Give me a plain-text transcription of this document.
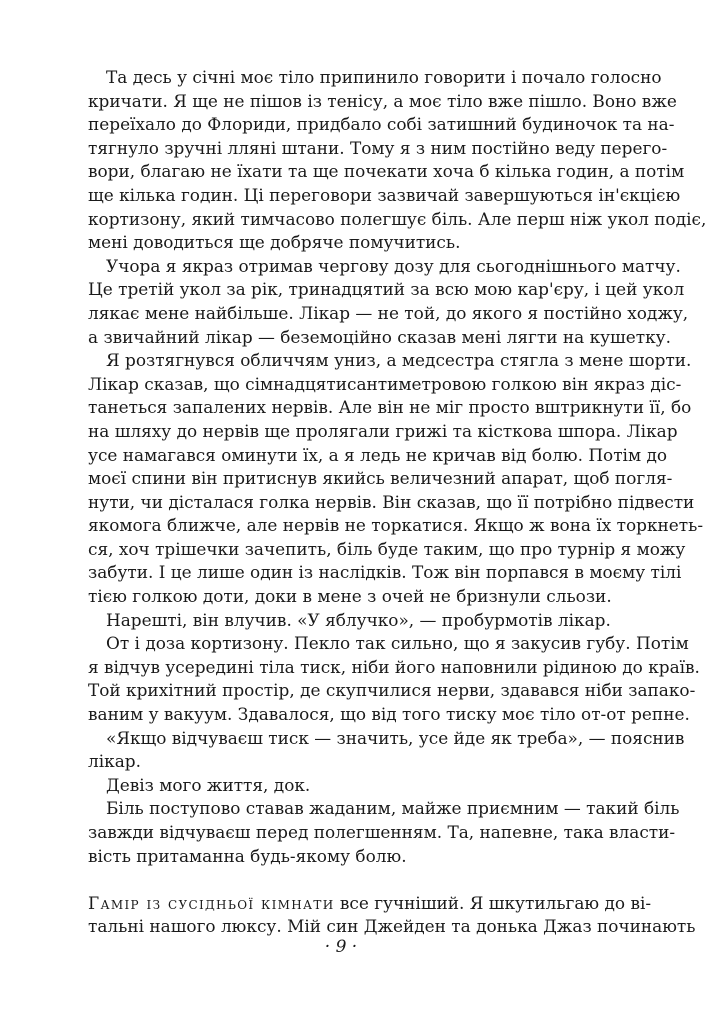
Та десь у січні моє тіло припинило говорити і почало голосно
кричати. Я ще не пішов із тенісу, а моє тіло вже пішло. Воно вже
переїхало до Флориди, придбало собі затишний будиночок та на-
тягнуло зручні лляні штани. Тому я з ним постійно веду перего-
вори, благаю не їхати та ще почекати хоча б кілька годин, а потім
ще кілька годин. Ці переговори зазвичай завершуються ін'єкцією
кортизону, який тимчасово полегшує біль. Але перш ніж укол подіє,
мені доводиться ще добряче помучитись.
Учора я якраз отримав чергову дозу для сьогоднішнього матчу.
Це третій укол за рік, тринадцятий за всю мою кар'єру, і цей укол
лякає мене найбільше. Лікар — не той, до якого я постійно ходжу,
а звичайний лікар — беземоційно сказав мені лягти на кушетку.
Я розтягнувся обличчям униз, а медсестра стягла з мене шорти.
Лікар сказав, що сімнадцятисантиметровою голкою він якраз діс-
танеться запалених нервів. Але він не міг просто вштрикнути її, бо
на шляху до нервів ще пролягали грижі та кісткова шпора. Лікар
усе намагався оминути їх, а я ледь не кричав від болю. Потім до
моєї спини він притиснув якийсь величезний апарат, щоб погля-
нути, чи дісталася голка нервів. Він сказав, що її потрібно підвести
якомога ближче, але нервів не торкатися. Якщо ж вона їх торкнеть-
ся, хоч трішечки зачепить, біль буде таким, що про турнір я можу
забути. І це лише один із наслідків. Тож він порпався в моєму тілі
тією голкою доти, доки в мене з очей не бризнули сльози.
Нарешті, він влучив. «У яблучко», — пробурмотів лікар.
От і доза кортизону. Пекло так сильно, що я закусив губу. Потім
я відчув усередині тіла тиск, ніби його наповнили рідиною до країв.
Той крихітний простір, де скупчилися нерви, здавався ніби запако-
ваним у вакуум. Здавалося, що від того тиску моє тіло от-от репне.
«Якщо відчуваєш тиск — значить, усе йде як треба», — пояснив
лікар.
Девіз мого життя, док.
Біль поступово ставав жаданим, майже приємним — такий біль
завжди відчуваєш перед полегшенням. Та, напевне, така власти-
вість притаманна будь-якому болю.
Гамір із сусідньої кімнати все гучніший. Я шкутильгаю до ві-
тальні нашого люксу. Мій син Джейден та донька Джаз починають
· 9 ·
